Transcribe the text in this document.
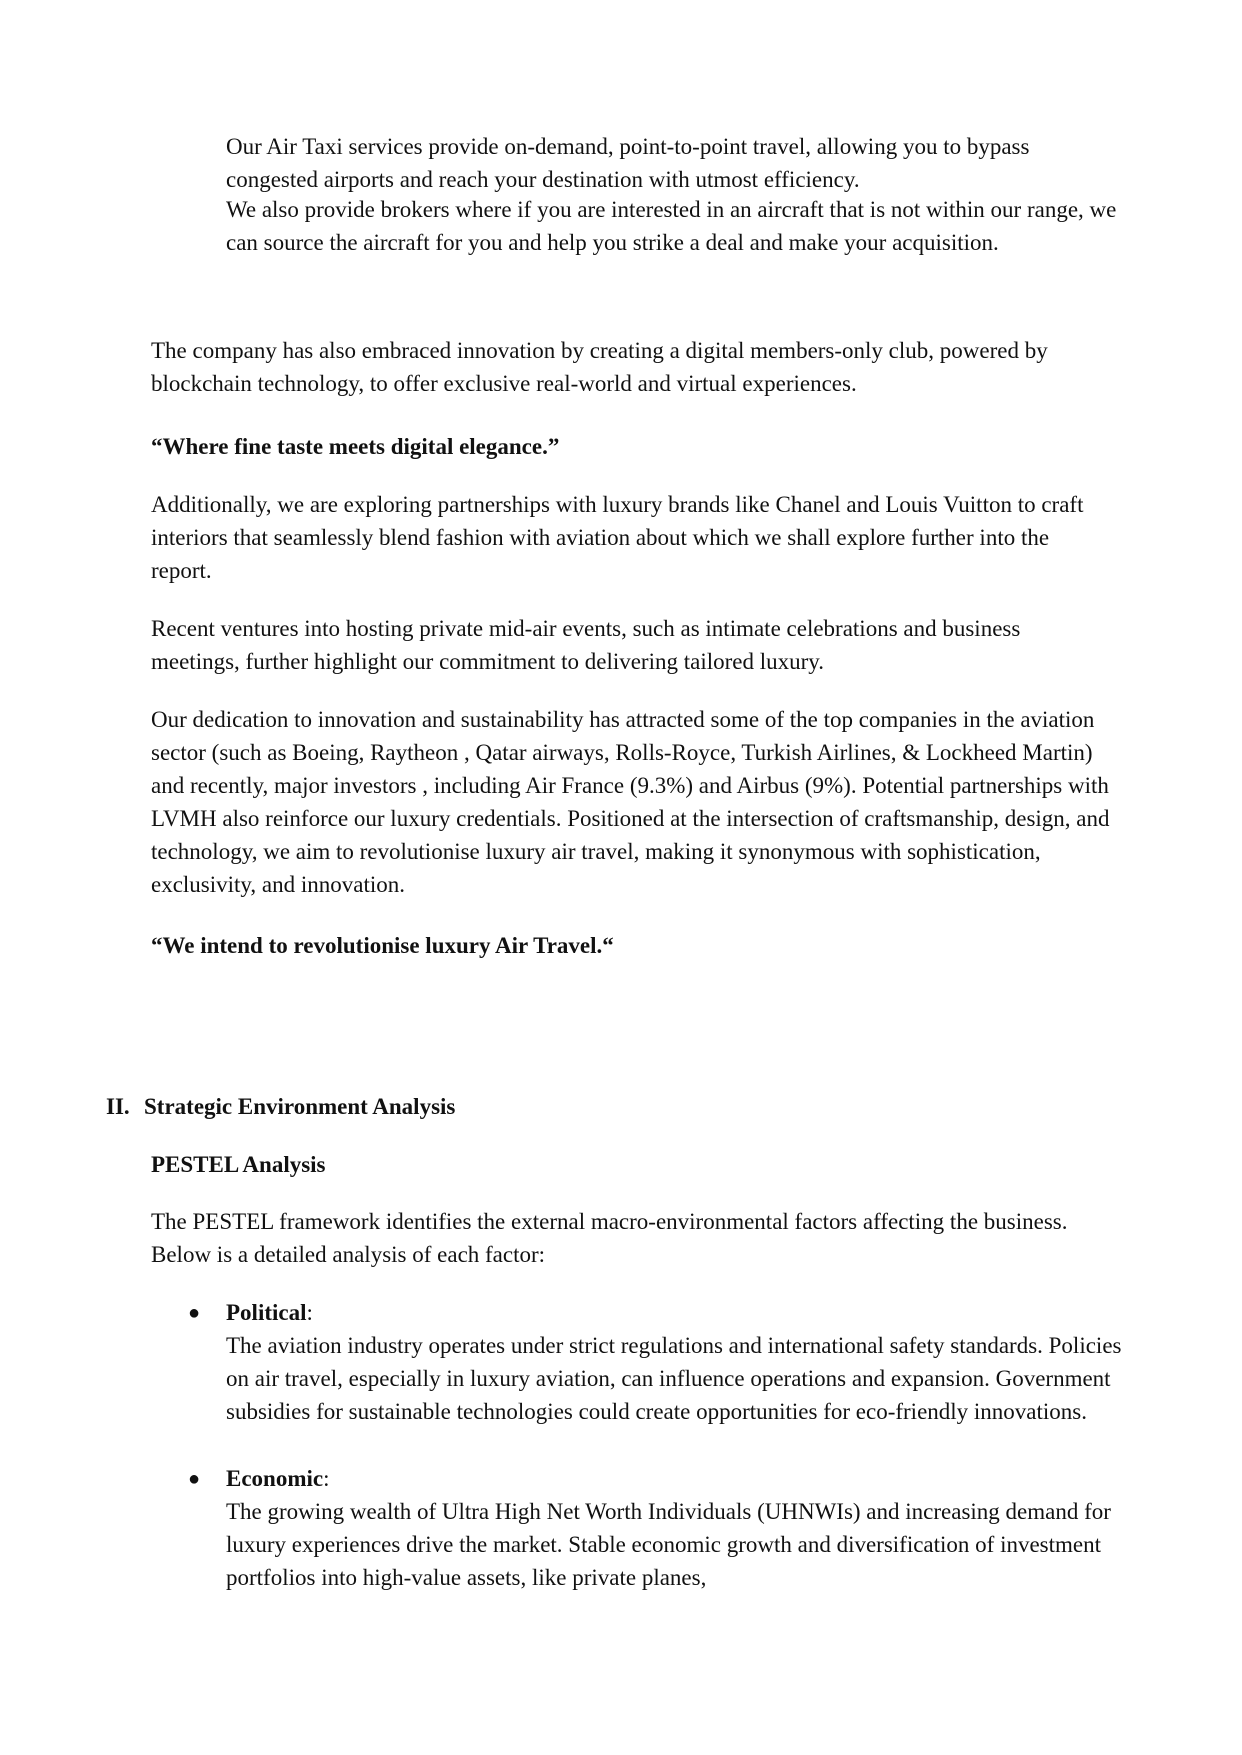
Our Air Taxi services provide on-demand, point-to-point travel, allowing you to bypass congested airports and reach your destination with utmost efficiency.

We also provide brokers where if you are interested in an aircraft that is not within our range, we can source the aircraft for you and help you strike a deal and make your acquisition.

The company has also embraced innovation by creating a digital members-only club, powered by blockchain technology, to offer exclusive real-world and virtual experiences.

“Where fine taste meets digital elegance.”

Additionally, we are exploring partnerships with luxury brands like Chanel and Louis Vuitton to craft interiors that seamlessly blend fashion with aviation about which we shall explore further into the report.

Recent ventures into hosting private mid-air events, such as intimate celebrations and business meetings, further highlight our commitment to delivering tailored luxury.

Our dedication to innovation and sustainability has attracted some of the top companies in the aviation sector (such as Boeing, Raytheon , Qatar airways, Rolls-Royce, Turkish Airlines, & Lockheed Martin) and recently, major investors , including Air France (9.3%) and Airbus (9%). Potential partnerships with LVMH also reinforce our luxury credentials. Positioned at the intersection of craftsmanship, design, and technology, we aim to revolutionise luxury air travel, making it synonymous with sophistication, exclusivity, and innovation.

“We intend to revolutionise luxury Air Travel.“

II. Strategic Environment Analysis

PESTEL Analysis

The PESTEL framework identifies the external macro-environmental factors affecting the business. Below is a detailed analysis of each factor:

● Political:

The aviation industry operates under strict regulations and international safety standards. Policies on air travel, especially in luxury aviation, can influence operations and expansion. Government subsidies for sustainable technologies could create opportunities for eco-friendly innovations.

● Economic:

The growing wealth of Ultra High Net Worth Individuals (UHNWIs) and increasing demand for luxury experiences drive the market. Stable economic growth and diversification of investment portfolios into high-value assets, like private planes,
